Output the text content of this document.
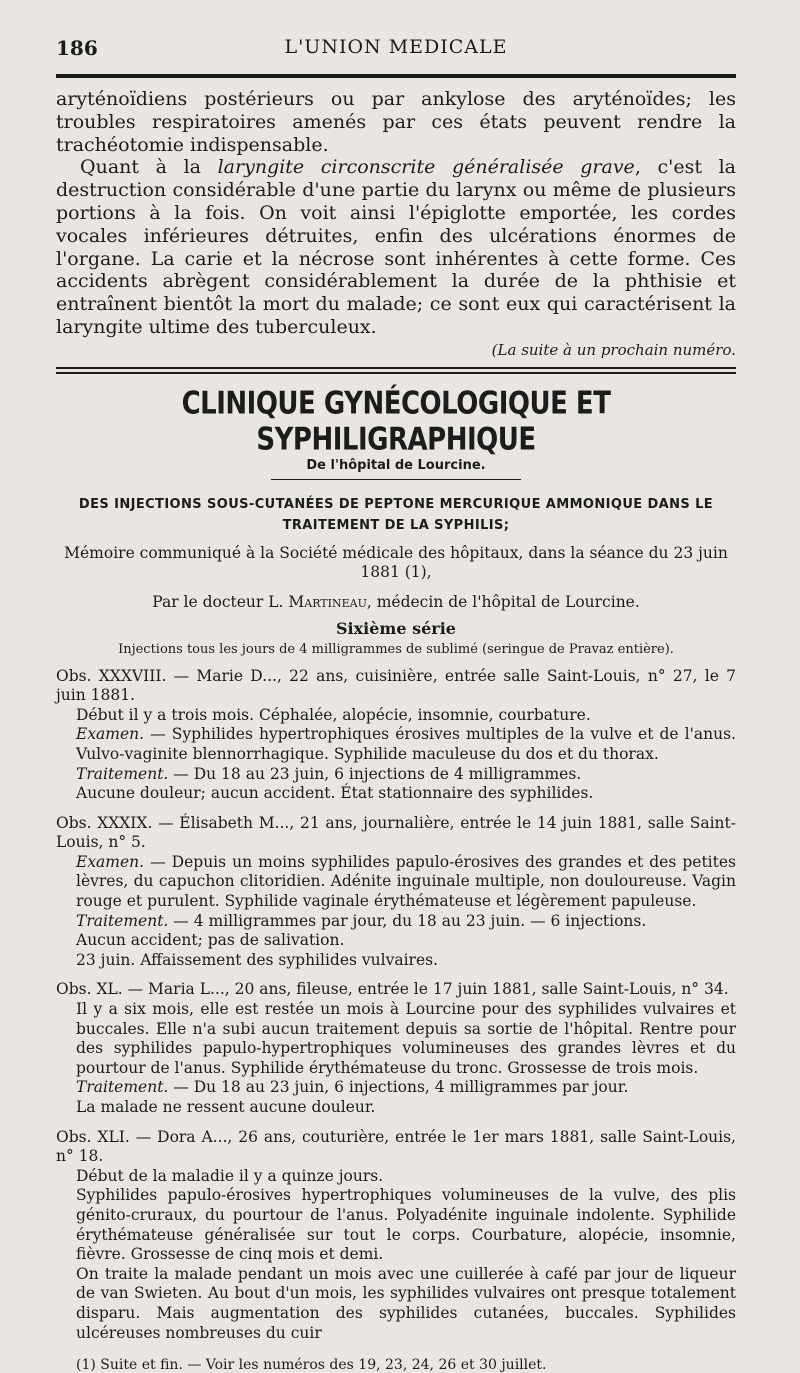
186	L'UNION MEDICALE

aryténoïdiens postérieurs ou par ankylose des aryténoïdes; les troubles respiratoires amenés par ces états peuvent rendre la trachéotomie indispensable.

Quant à la laryngite circonscrite généralisée grave, c'est la destruction considérable d'une partie du larynx ou même de plusieurs portions à la fois. On voit ainsi l'épiglotte emportée, les cordes vocales inférieures détruites, enfin des ulcérations énormes de l'organe. La carie et la nécrose sont inhérentes à cette forme. Ces accidents abrègent considérablement la durée de la phthisie et entraînent bientôt la mort du malade; ce sont eux qui caractérisent la laryngite ultime des tuberculeux.

(La suite à un prochain numéro.

CLINIQUE GYNÉCOLOGIQUE ET SYPHILIGRAPHIQUE
De l'hôpital de Lourcine.
DES INJECTIONS SOUS-CUTANÉES DE PEPTONE MERCURIQUE AMMONIQUE DANS LE TRAITEMENT DE LA SYPHILIS;

Mémoire communiqué à la Société médicale des hôpitaux, dans la séance du 23 juin 1881 (1),

Par le docteur L. Martineau, médecin de l'hôpital de Lourcine.

Sixième série

Injections tous les jours de 4 milligrammes de sublimé (seringue de Pravaz entière).

Obs. XXXVIII. — Marie D..., 22 ans, cuisinière, entrée salle Saint-Louis, n° 27, le 7 juin 1881.

Début il y a trois mois. Céphalée, alopécie, insomnie, courbature.

Examen. — Syphilides hypertrophiques érosives multiples de la vulve et de l'anus. Vulvo-vaginite blennorrhagique. Syphilide maculeuse du dos et du thorax.

Traitement. — Du 18 au 23 juin, 6 injections de 4 milligrammes.

Aucune douleur; aucun accident. État stationnaire des syphilides.

Obs. XXXIX. — Élisabeth M..., 21 ans, journalière, entrée le 14 juin 1881, salle Saint-Louis, n° 5.

Examen. — Depuis un moins syphilides papulo-érosives des grandes et des petites lèvres, du capuchon clitoridien. Adénite inguinale multiple, non douloureuse. Vagin rouge et purulent. Syphilide vaginale érythémateuse et légèrement papuleuse.

Traitement. — 4 milligrammes par jour, du 18 au 23 juin. — 6 injections.

Aucun accident; pas de salivation.

23 juin. Affaissement des syphilides vulvaires.

Obs. XL. — Maria L..., 20 ans, fileuse, entrée le 17 juin 1881, salle Saint-Louis, n° 34.

Il y a six mois, elle est restée un mois à Lourcine pour des syphilides vulvaires et buccales. Elle n'a subi aucun traitement depuis sa sortie de l'hôpital. Rentre pour des syphilides papulo-hypertrophiques volumineuses des grandes lèvres et du pourtour de l'anus. Syphilide érythémateuse du tronc. Grossesse de trois mois.

Traitement. — Du 18 au 23 juin, 6 injections, 4 milligrammes par jour.

La malade ne ressent aucune douleur.

Obs. XLI. — Dora A..., 26 ans, couturière, entrée le 1er mars 1881, salle Saint-Louis, n° 18.

Début de la maladie il y a quinze jours.

Syphilides papulo-érosives hypertrophiques volumineuses de la vulve, des plis génito-cruraux, du pourtour de l'anus. Polyadénite inguinale indolente. Syphilide érythémateuse généralisée sur tout le corps. Courbature, alopécie, insomnie, fièvre. Grossesse de cinq mois et demi.

On traite la malade pendant un mois avec une cuillerée à café par jour de liqueur de van Swieten. Au bout d'un mois, les syphilides vulvaires ont presque totalement disparu. Mais augmentation des syphilides cutanées, buccales. Syphilides ulcéreuses nombreuses du cuir

(1) Suite et fin. — Voir les numéros des 19, 23, 24, 26 et 30 juillet.
